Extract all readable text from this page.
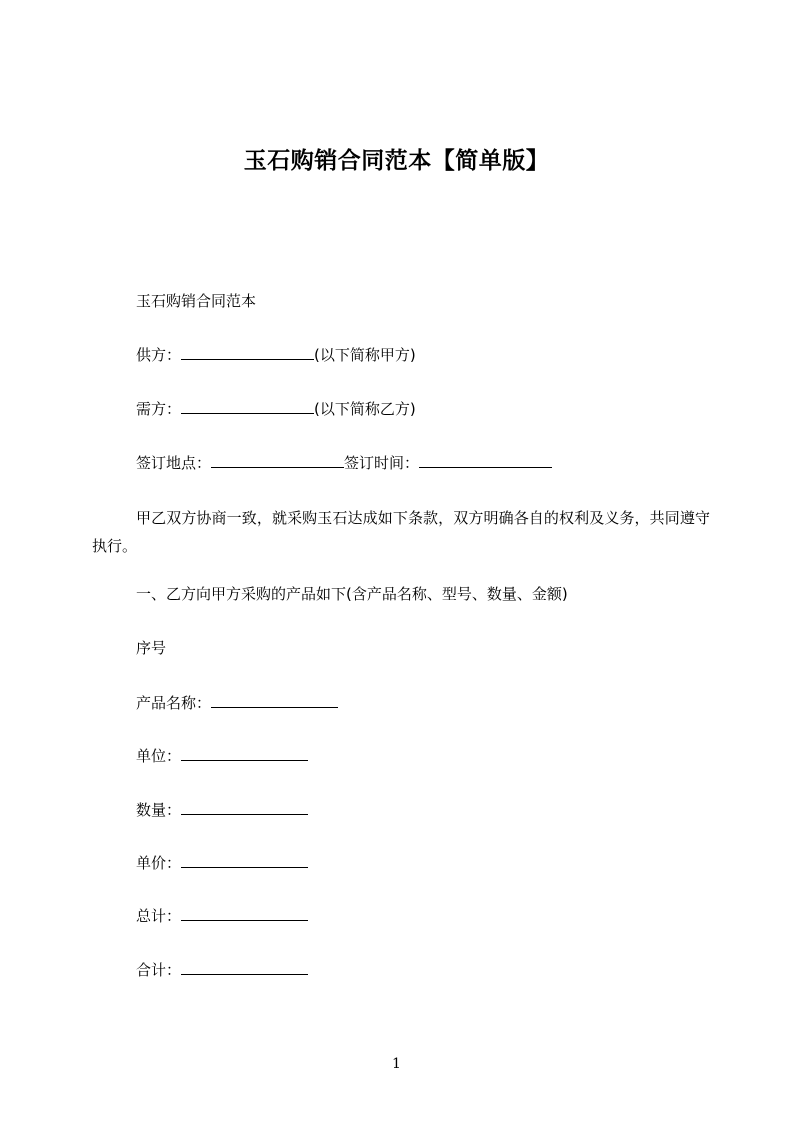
玉石购销合同范本【简单版】
玉石购销合同范本
供方：	(以下简称甲方)
需方：	(以下简称乙方)
签订地点：	签订时间：
甲乙双方协商一致，就采购玉石达成如下条款，双方明确各自的权利及义务，共同遵守执行。
一、乙方向甲方采购的产品如下(含产品名称、型号、数量、金额)
序号
产品名称：
单位：
数量：
单价：
总计：
合计：
1
